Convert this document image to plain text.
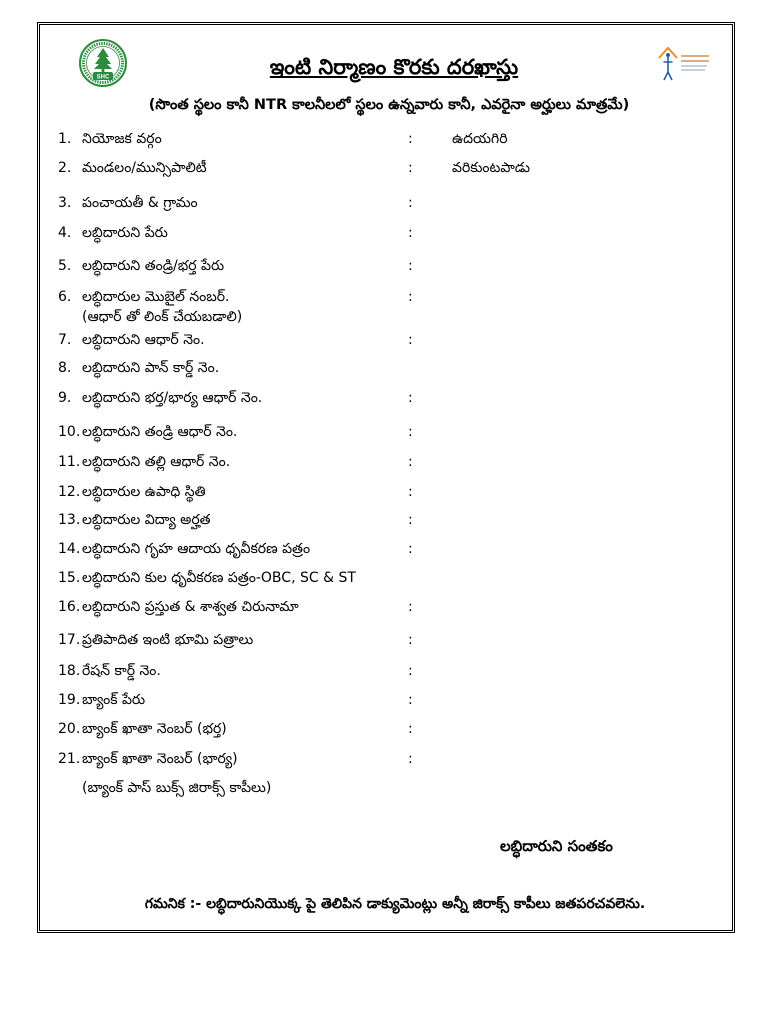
SHC	ఇంటి నిర్మాణం కొరకు దరఖాస్తు
(సొంత స్థలం కానీ NTR కాలనీలలో స్థలం ఉన్నవారు కానీ, ఎవరైనా అర్హులు మాత్రమే)
1. నియోజక వర్గం	:	ఉదయగిరి
2. మండలం/మున్సిపాలిటీ	:	వరికుంటపాడు
3. పంచాయతీ & గ్రామం	:
4. లబ్ధిదారుని పేరు	:
5. లబ్ధిదారుని తండ్రి/భర్త పేరు	:
6. లబ్ధిదారుల మొబైల్ నంబర్.	:
(ఆధార్ తో లింక్ చేయబడాలి)
7. లబ్ధిదారుని ఆధార్ నెం.	:
8. లబ్ధిదారుని పాన్ కార్డ్ నెం.
9. లబ్ధిదారుని భర్త/భార్య ఆధార్ నెం.	:
10. లబ్ధిదారుని తండ్రి ఆధార్ నెం.	:
11. లబ్ధిదారుని తల్లి ఆధార్ నెం.	:
12. లబ్ధిదారుల ఉపాధి స్థితి	:
13. లబ్ధిదారుల విద్యా అర్హత	:
14. లబ్ధిదారుని గృహ ఆదాయ ధృవీకరణ పత్రం	:
15. లబ్ధిదారుని కుల ధృవీకరణ పత్రం-OBC, SC & ST
16. లబ్ధిదారుని ప్రస్తుత & శాశ్వత చిరునామా	:
17. ప్రతిపాదిత ఇంటి భూమి పత్రాలు	:
18. రేషన్ కార్డ్ నెం.	:
19. బ్యాంక్ పేరు	:
20. బ్యాంక్ ఖాతా నెంబర్ (భర్త)	:
21. బ్యాంక్ ఖాతా నెంబర్ (భార్య)	:
(బ్యాంక్ పాస్ బుక్స్ జిరాక్స్ కాపీలు)
లబ్ధిదారుని సంతకం
గమనిక :- లబ్ధిదారునియొక్క పై తెలిపిన డాక్యుమెంట్లు అన్నీ జిరాక్స్ కాపీలు జతపరచవలెను.
